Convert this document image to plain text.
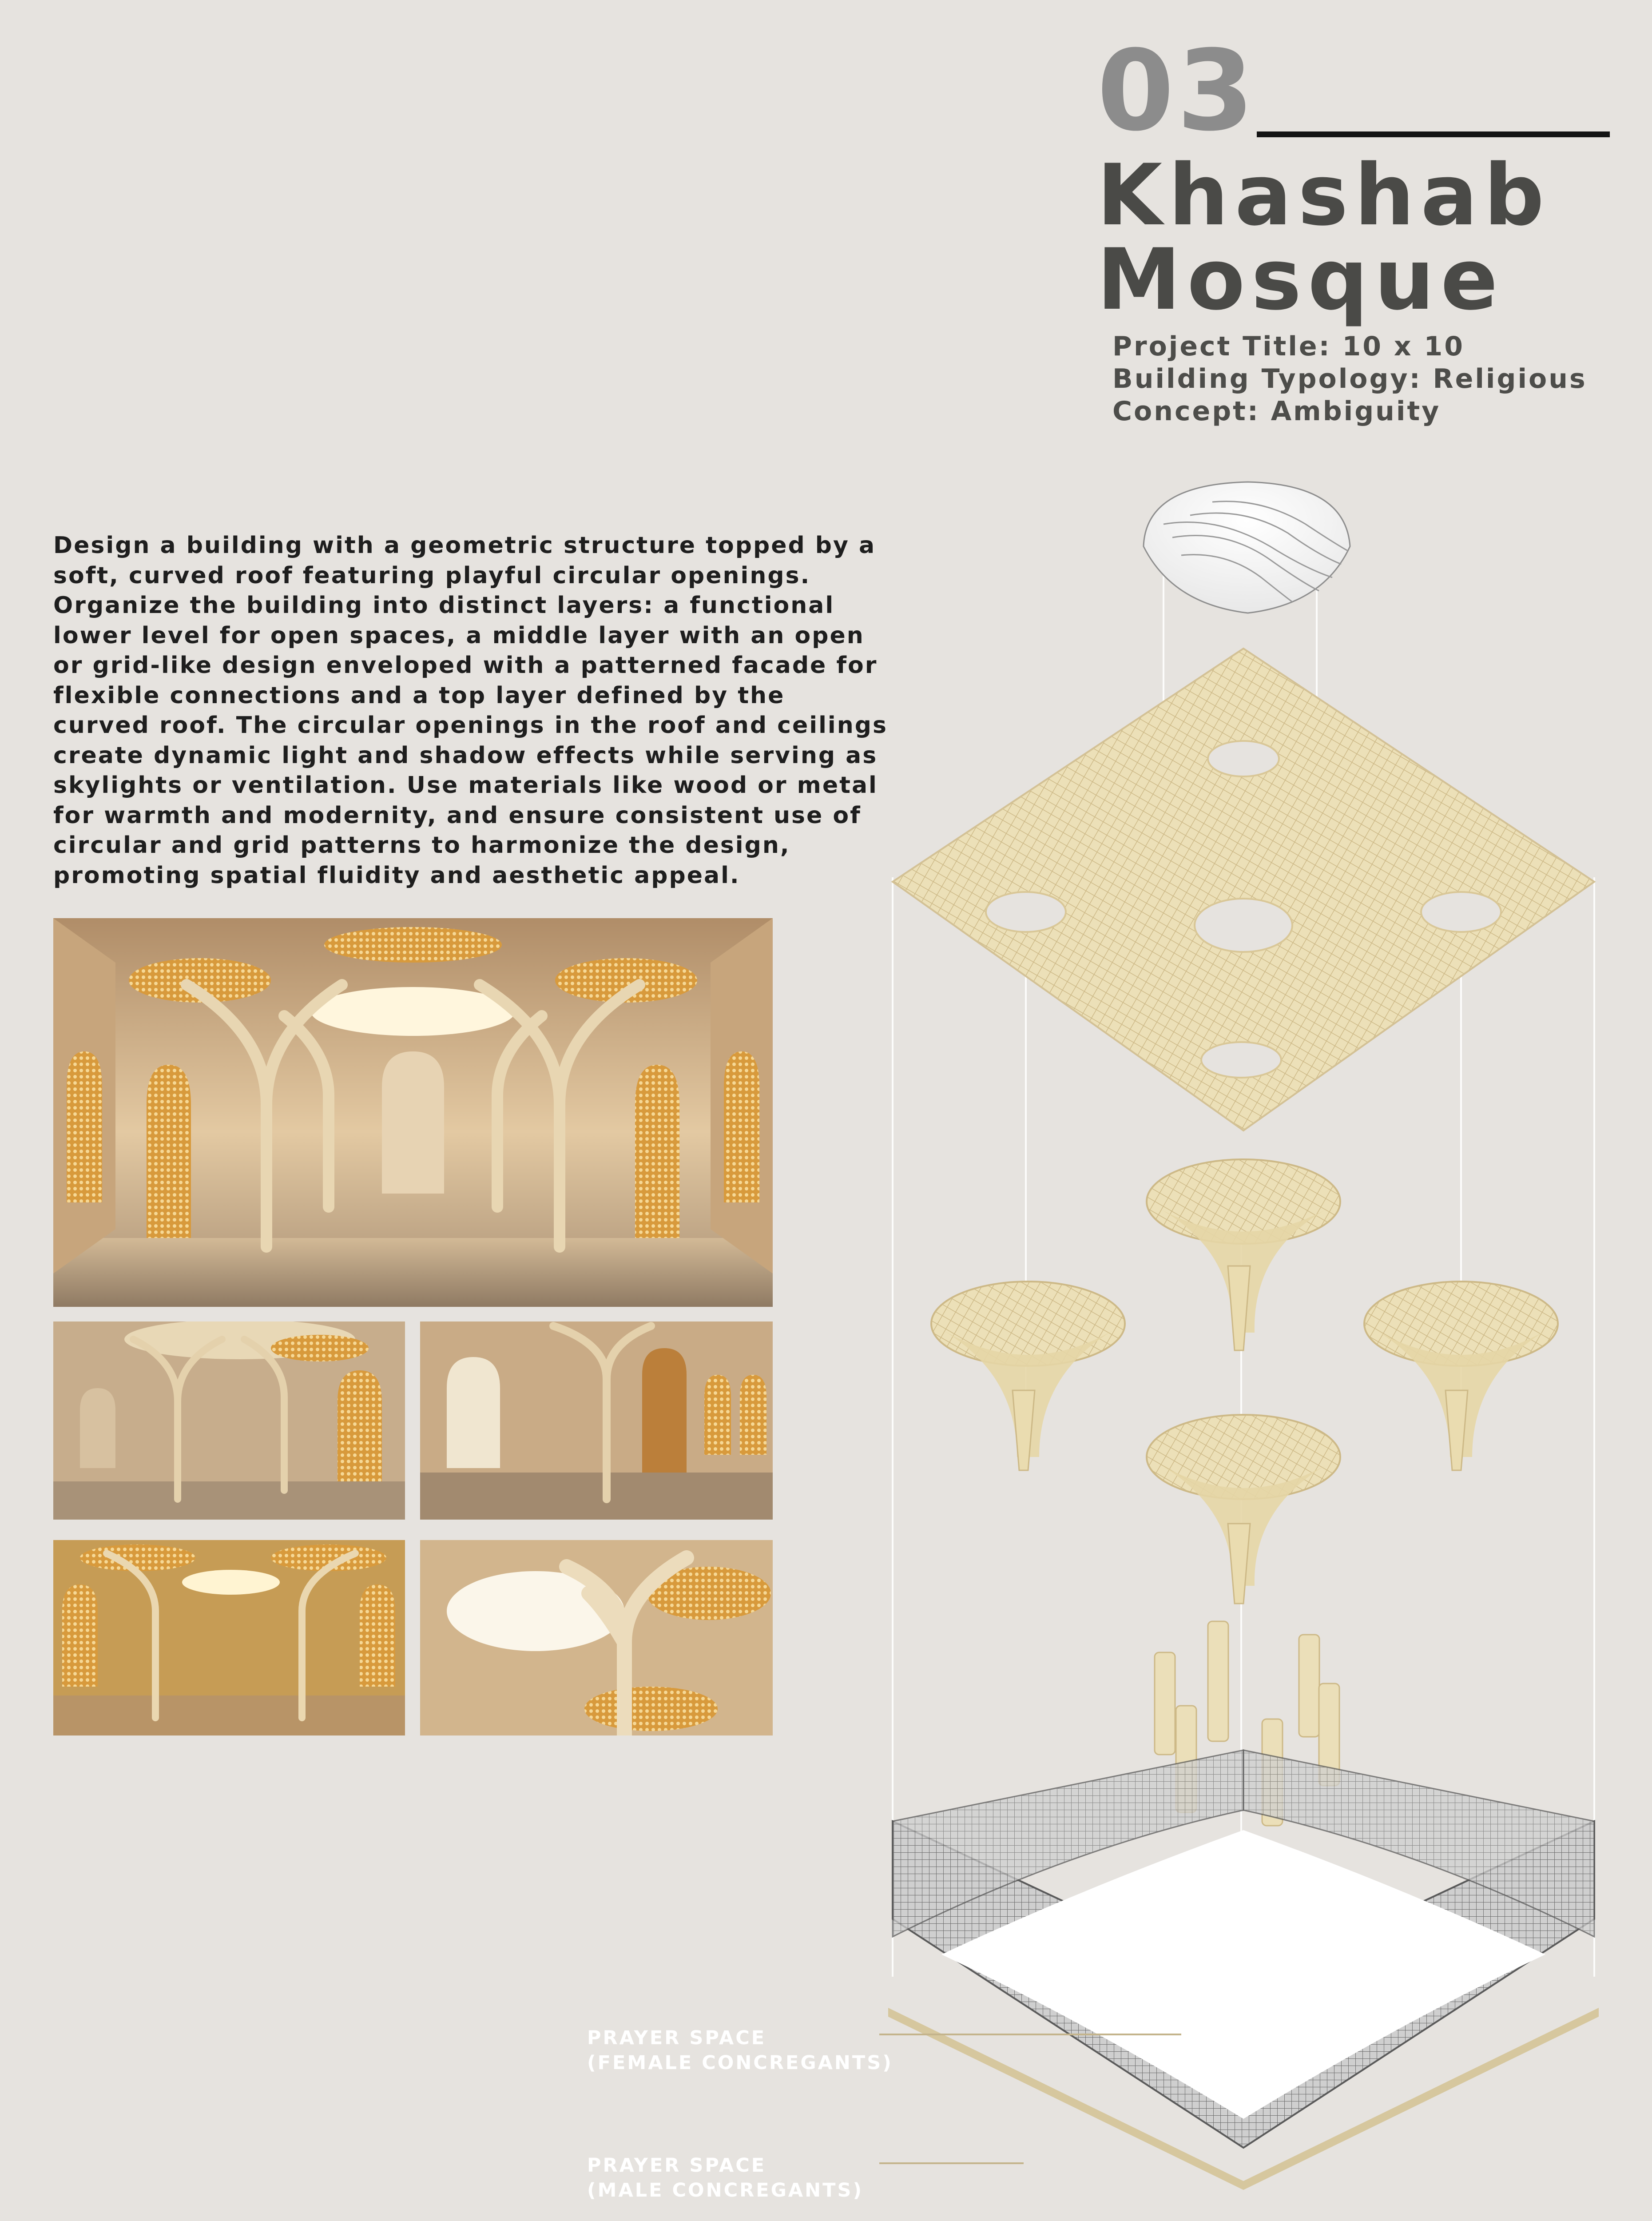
03
Khashab
Mosque
Project Title: 10 x 10
Building Typology: Religious
Concept: Ambiguity
Design a building with a geometric structure topped by a soft, curved roof featuring playful circular openings. Organize the building into distinct layers: a functional lower level for open spaces, a middle layer with an open or grid-like design enveloped with a patterned facade for flexible connections and a top layer defined by the curved roof. The circular openings in the roof and ceilings create dynamic light and shadow effects while serving as skylights or ventilation. Use materials like wood or metal for warmth and modernity, and ensure consistent use of circular and grid patterns to harmonize the design, promoting spatial fluidity and aesthetic appeal.
PRAYER SPACE
(FEMALE CONCREGANTS)
PRAYER SPACE
(MALE CONCREGANTS)
